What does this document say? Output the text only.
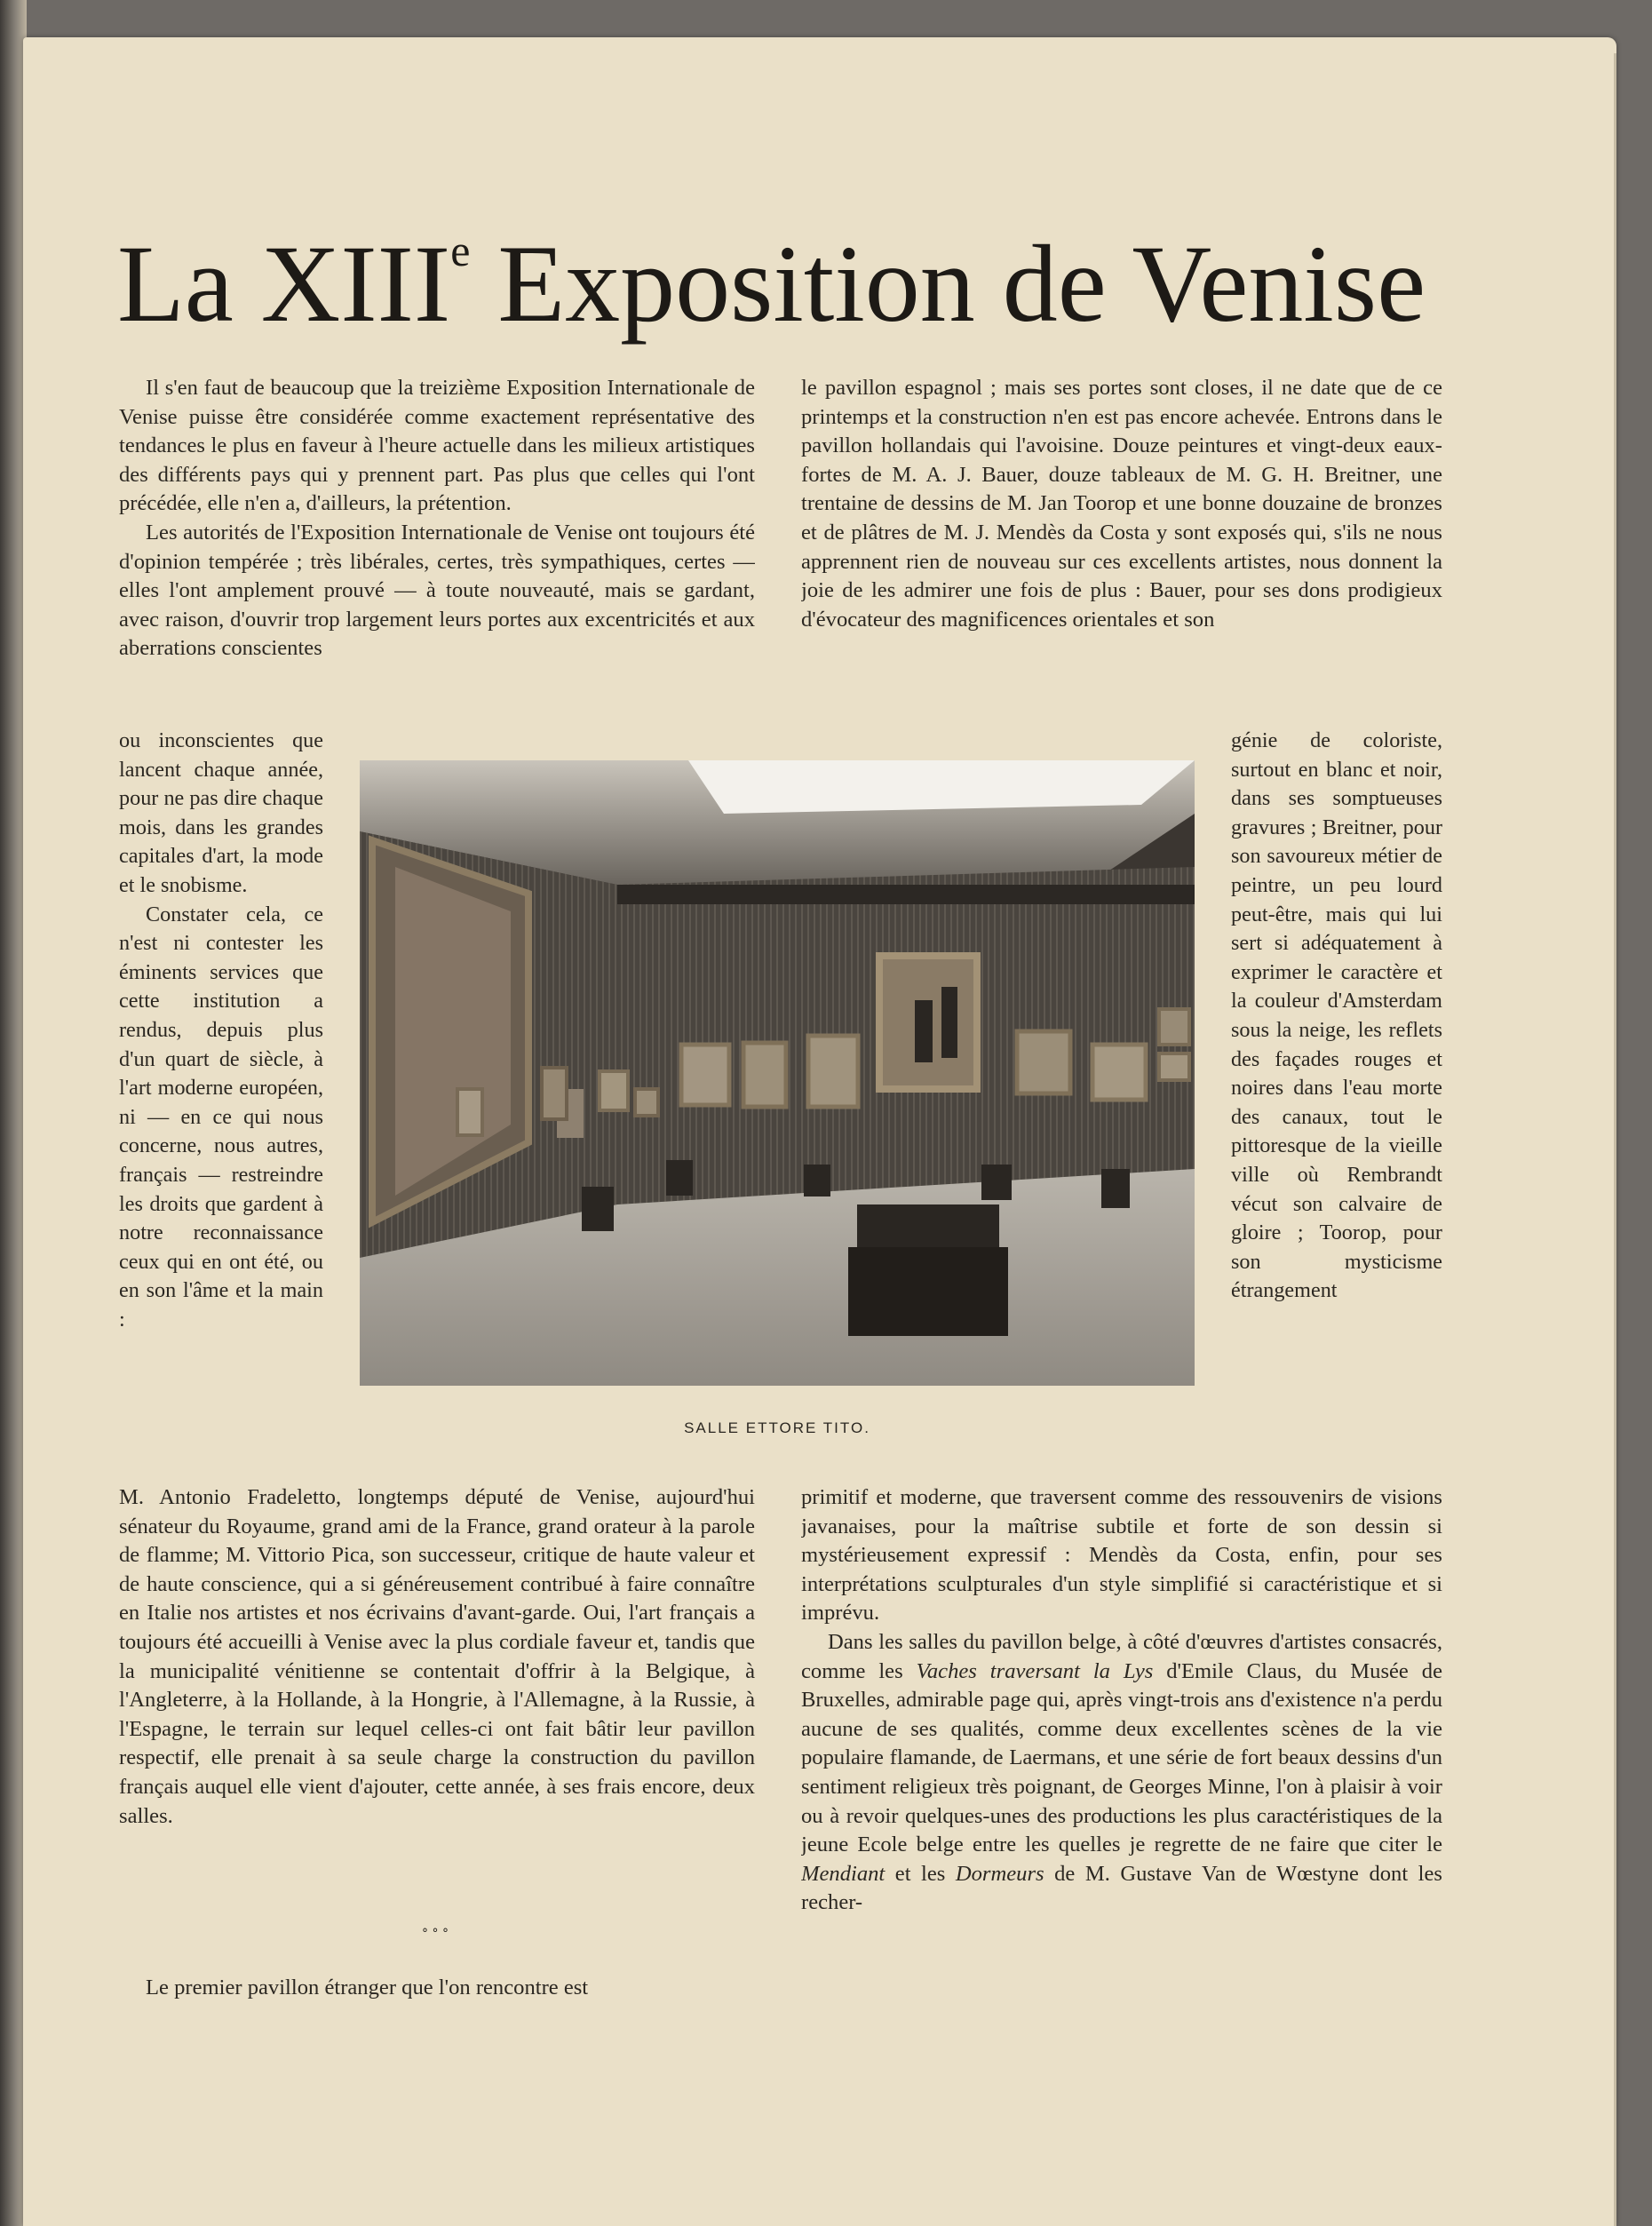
La XIIIe Exposition de Venise

Il s'en faut de beaucoup que la treizième Exposition Internationale de Venise puisse être considérée comme exactement représentative des tendances le plus en faveur à l'heure actuelle dans les milieux artistiques des différents pays qui y prennent part. Pas plus que celles qui l'ont précédée, elle n'en a, d'ailleurs, la prétention.

Les autorités de l'Exposition Internationale de Venise ont toujours été d'opinion tempérée ; très libérales, certes, très sympathiques, certes — elles l'ont amplement prouvé — à toute nouveauté, mais se gardant, avec raison, d'ouvrir trop largement leurs portes aux excentricités et aux aberrations conscientes

ou inconscientes que lancent chaque année, pour ne pas dire chaque mois, dans les grandes capitales d'art, la mode et le snobisme.

Constater cela, ce n'est ni contester les éminents services que cette institution a rendus, depuis plus d'un quart de siècle, à l'art moderne européen, ni — en ce qui nous concerne, nous autres, français — restreindre les droits que gardent à notre reconnaissance ceux qui en ont été, ou en son l'âme et la main :

M. Antonio Fradeletto, longtemps député de Venise, aujourd'hui sénateur du Royaume, grand ami de la France, grand orateur à la parole de flamme; M. Vittorio Pica, son successeur, critique de haute valeur et de haute conscience, qui a si généreusement contribué à faire connaître en Italie nos artistes et nos écrivains d'avant-garde. Oui, l'art français a toujours été accueilli à Venise avec la plus cordiale faveur et, tandis que la municipalité vénitienne se contentait d'offrir à la Belgique, à l'Angleterre, à la Hollande, à la Hongrie, à l'Allemagne, à la Russie, à l'Espagne, le terrain sur lequel celles-ci ont fait bâtir leur pavillon respectif, elle prenait à sa seule charge la construction du pavillon français auquel elle vient d'ajouter, cette année, à ses frais encore, deux salles.

° ° °

Le premier pavillon étranger que l'on rencontre est

le pavillon espagnol ; mais ses portes sont closes, il ne date que de ce printemps et la construction n'en est pas encore achevée. Entrons dans le pavillon hollandais qui l'avoisine. Douze peintures et vingt-deux eaux-fortes de M. A. J. Bauer, douze tableaux de M. G. H. Breitner, une trentaine de dessins de M. Jan Toorop et une bonne douzaine de bronzes et de plâtres de M. J. Mendès da Costa y sont exposés qui, s'ils ne nous apprennent rien de nouveau sur ces excellents artistes, nous donnent la joie de les admirer une fois de plus : Bauer, pour ses dons prodigieux d'évocateur des magnificences orientales et son

génie de coloriste, surtout en blanc et noir, dans ses somptueuses gravures ; Breitner, pour son savoureux métier de peintre, un peu lourd peut-être, mais qui lui sert si adéquatement à exprimer le caractère et la couleur d'Amsterdam sous la neige, les reflets des façades rouges et noires dans l'eau morte des canaux, tout le pittoresque de la vieille ville où Rembrandt vécut son calvaire de gloire ; Toorop, pour son mysticisme étrangement

primitif et moderne, que traversent comme des ressouvenirs de visions javanaises, pour la maîtrise subtile et forte de son dessin si mystérieusement expressif : Mendès da Costa, enfin, pour ses interprétations sculpturales d'un style simplifié si caractéristique et si imprévu.

Dans les salles du pavillon belge, à côté d'œuvres d'artistes consacrés, comme les Vaches traversant la Lys d'Emile Claus, du Musée de Bruxelles, admirable page qui, après vingt-trois ans d'existence n'a perdu aucune de ses qualités, comme deux excellentes scènes de la vie populaire flamande, de Laermans, et une série de fort beaux dessins d'un sentiment religieux très poignant, de Georges Minne, l'on à plaisir à voir ou à revoir quelques-unes des productions les plus caractéristiques de la jeune Ecole belge entre les quelles je regrette de ne faire que citer le Mendiant et les Dormeurs de M. Gustave Van de Wœstyne dont les recher-

SALLE ETTORE TITO.
